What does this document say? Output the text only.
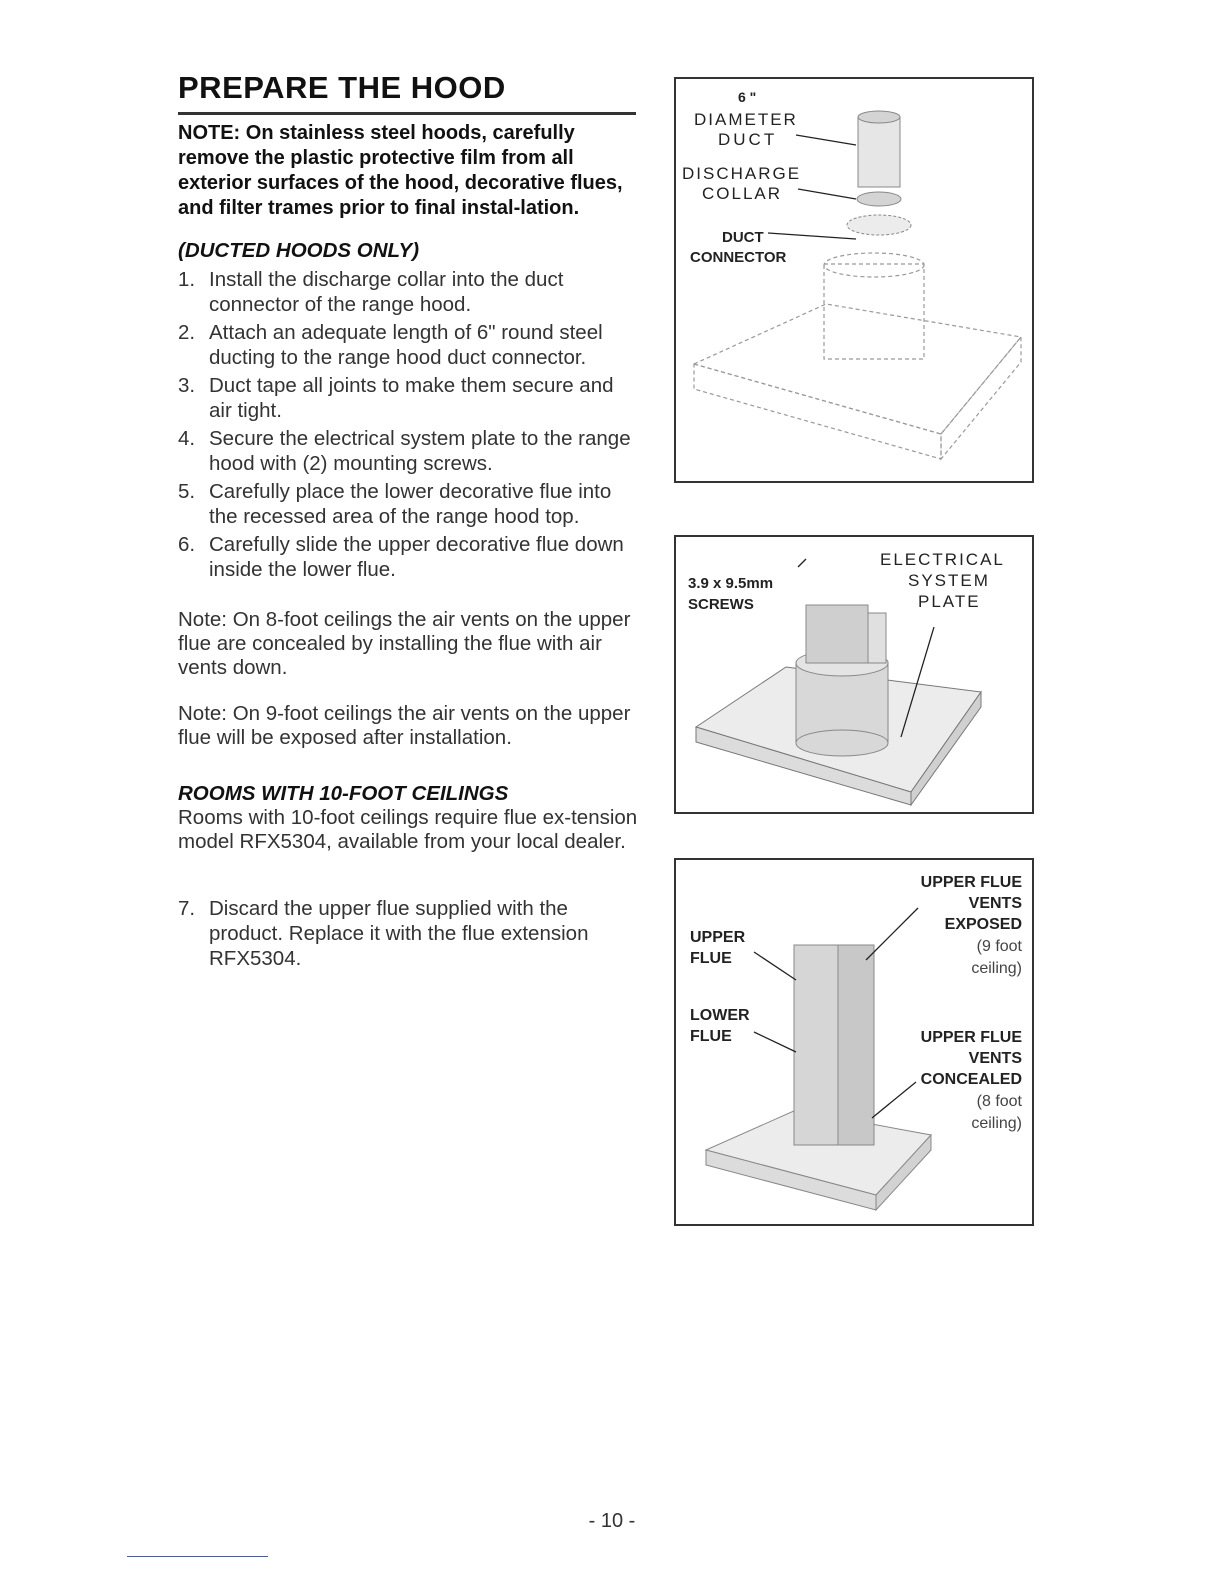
PREPARE THE HOOD

NOTE: On stainless steel hoods, carefully remove the plastic protective film from all exterior surfaces of the hood, decorative flues, and filter trames prior to final instal-lation.

(DUCTED HOODS ONLY)
1. Install the discharge collar into the duct connector of the range hood.
2. Attach an adequate length of 6" round steel ducting to the range hood duct connector.
3. Duct tape all joints to make them secure and air tight.
4. Secure the electrical system plate to the range hood with (2) mounting screws.
5. Carefully place the lower decorative flue into the recessed area of the range hood top.
6. Carefully slide the upper decorative flue down inside the lower flue.

Note: On 8-foot ceilings the air vents on the upper flue are concealed by installing the flue with air vents down.

Note: On 9-foot ceilings the air vents on the upper flue will be exposed after installation.

ROOMS WITH 10-FOOT CEILINGS

Rooms with 10-foot ceilings require flue ex-tension model RFX5304, available from your local dealer.

7. Discard the upper flue supplied with the product. Replace it with the flue extension RFX5304.
6 "
DIAMETER
DUCT
DISCHARGE
COLLAR
DUCT
CONNECTOR
3.9 x 9.5mm
SCREWS
ELECTRICAL
SYSTEM
PLATE
UPPER FLUE
VENTS
EXPOSED
(9 foot
ceiling)
UPPER
FLUE
LOWER
FLUE	UPPER FLUE
VENTS
CONCEALED
(8 foot
ceiling)
- 10 -
